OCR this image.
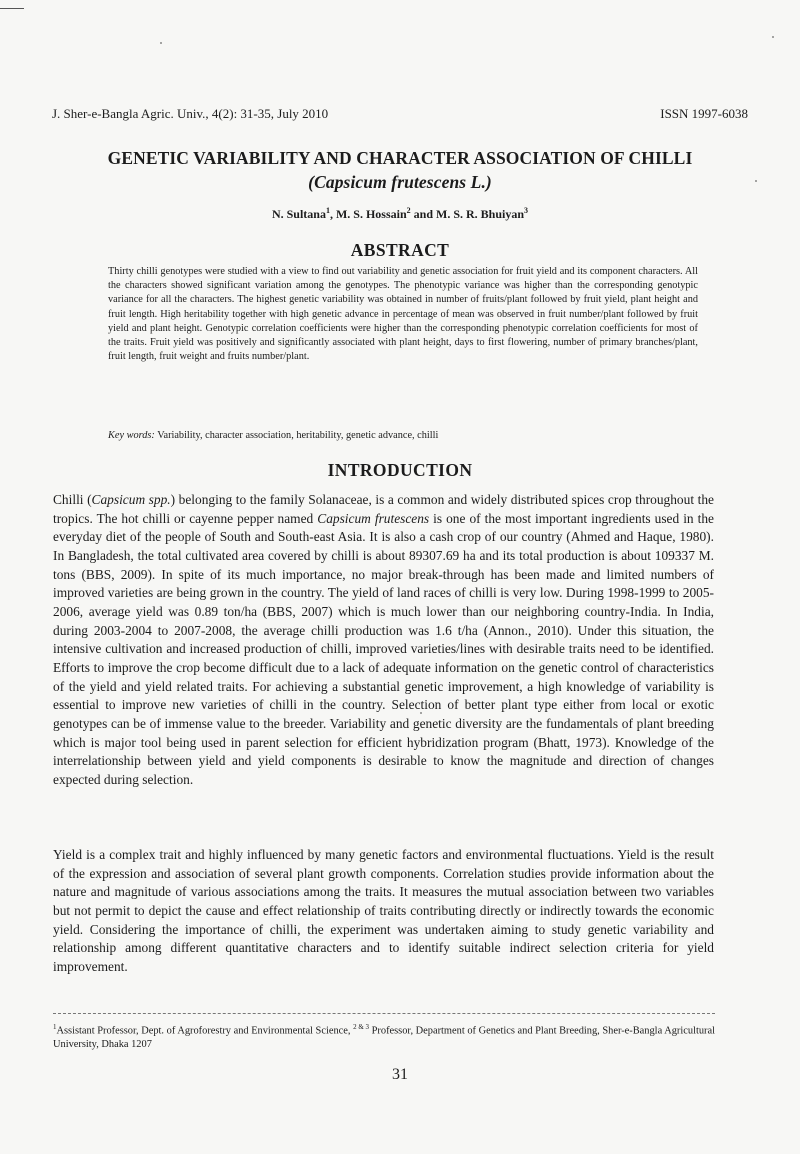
J. Sher-e-Bangla Agric. Univ., 4(2): 31-35, July 2010	ISSN 1997-6038
GENETIC VARIABILITY AND CHARACTER ASSOCIATION OF CHILLI
(Capsicum frutescens L.)
N. Sultana$^1$, M. S. Hossain$^2$ and M. S. R. Bhuiyan$^3$
ABSTRACT

Thirty chilli genotypes were studied with a view to find out variability and genetic association for fruit yield and its component characters. All the characters showed significant variation among the genotypes. The phenotypic variance was higher than the corresponding genotypic variance for all the characters. The highest genetic variability was obtained in number of fruits/plant followed by fruit yield, plant height and fruit length. High heritability together with high genetic advance in percentage of mean was observed in fruit number/plant followed by fruit yield and plant height. Genotypic correlation coefficients were higher than the corresponding phenotypic correlation coefficients for most of the traits. Fruit yield was positively and significantly associated with plant height, days to first flowering, number of primary branches/plant, fruit length, fruit weight and fruits number/plant.

Key words: Variability, character association, heritability, genetic advance, chilli
INTRODUCTION

Chilli (Capsicum spp.) belonging to the family Solanaceae, is a common and widely distributed spices crop throughout the tropics. The hot chilli or cayenne pepper named Capsicum frutescens is one of the most important ingredients used in the everyday diet of the people of South and South-east Asia. It is also a cash crop of our country (Ahmed and Haque, 1980). In Bangladesh, the total cultivated area covered by chilli is about 89307.69 ha and its total production is about 109337 M. tons (BBS, 2009). In spite of its much importance, no major break-through has been made and limited numbers of improved varieties are being grown in the country. The yield of land races of chilli is very low. During 1998-1999 to 2005-2006, average yield was 0.89 ton/ha (BBS, 2007) which is much lower than our neighboring country-India. In India, during 2003-2004 to 2007-2008, the average chilli production was 1.6 t/ha (Annon., 2010). Under this situation, the intensive cultivation and increased production of chilli, improved varieties/lines with desirable traits need to be identified. Efforts to improve the crop become difficult due to a lack of adequate information on the genetic control of characteristics of the yield and yield related traits. For achieving a substantial genetic improvement, a high knowledge of variability is essential to improve new varieties of chilli in the country. Selection of better plant type either from local or exotic genotypes can be of immense value to the breeder. Variability and genetic diversity are the fundamentals of plant breeding which is major tool being used in parent selection for efficient hybridization program (Bhatt, 1973). Knowledge of the interrelationship between yield and yield components is desirable to know the magnitude and direction of changes expected during selection.

Yield is a complex trait and highly influenced by many genetic factors and environmental fluctuations. Yield is the result of the expression and association of several plant growth components. Correlation studies provide information about the nature and magnitude of various associations among the traits. It measures the mutual association between two variables but not permit to depict the cause and effect relationship of traits contributing directly or indirectly towards the economic yield. Considering the importance of chilli, the experiment was undertaken aiming to study genetic variability and relationship among different quantitative characters and to identify suitable indirect selection criteria for yield improvement.

$^1$Assistant Professor, Dept. of Agroforestry and Environmental Science, $^{2 \& 3}$ Professor, Department of Genetics and Plant Breeding, Sher-e-Bangla Agricultural University, Dhaka 1207
31
